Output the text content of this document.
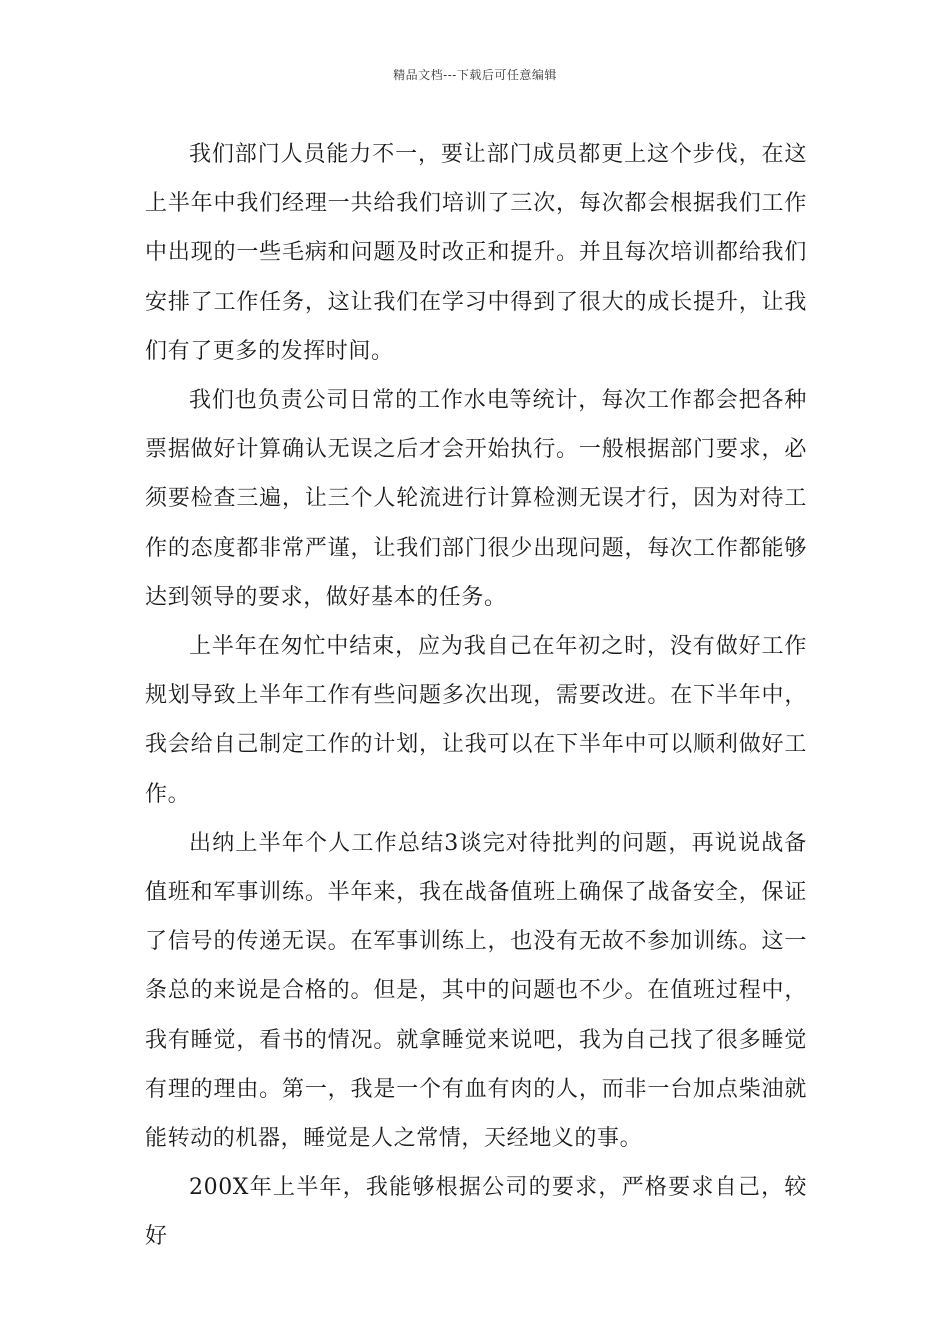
精品文档---下载后可任意编辑

我们部门人员能力不一，要让部门成员都更上这个步伐，在这上半年中我们经理一共给我们培训了三次，每次都会根据我们工作中出现的一些毛病和问题及时改正和提升。并且每次培训都给我们安排了工作任务，这让我们在学习中得到了很大的成长提升，让我们有了更多的发挥时间。

我们也负责公司日常的工作水电等统计，每次工作都会把各种票据做好计算确认无误之后才会开始执行。一般根据部门要求，必须要检查三遍，让三个人轮流进行计算检测无误才行，因为对待工作的态度都非常严谨，让我们部门很少出现问题，每次工作都能够达到领导的要求，做好基本的任务。

上半年在匆忙中结束，应为我自己在年初之时，没有做好工作规划导致上半年工作有些问题多次出现，需要改进。在下半年中，我会给自己制定工作的计划，让我可以在下半年中可以顺利做好工作。

出纳上半年个人工作总结3谈完对待批判的问题，再说说战备值班和军事训练。半年来，我在战备值班上确保了战备安全，保证了信号的传递无误。在军事训练上，也没有无故不参加训练。这一条总的来说是合格的。但是，其中的问题也不少。在值班过程中，我有睡觉，看书的情况。就拿睡觉来说吧，我为自己找了很多睡觉有理的理由。第一，我是一个有血有肉的人，而非一台加点柴油就能转动的机器，睡觉是人之常情，天经地义的事。

200X年上半年，我能够根据公司的要求，严格要求自己，较好
